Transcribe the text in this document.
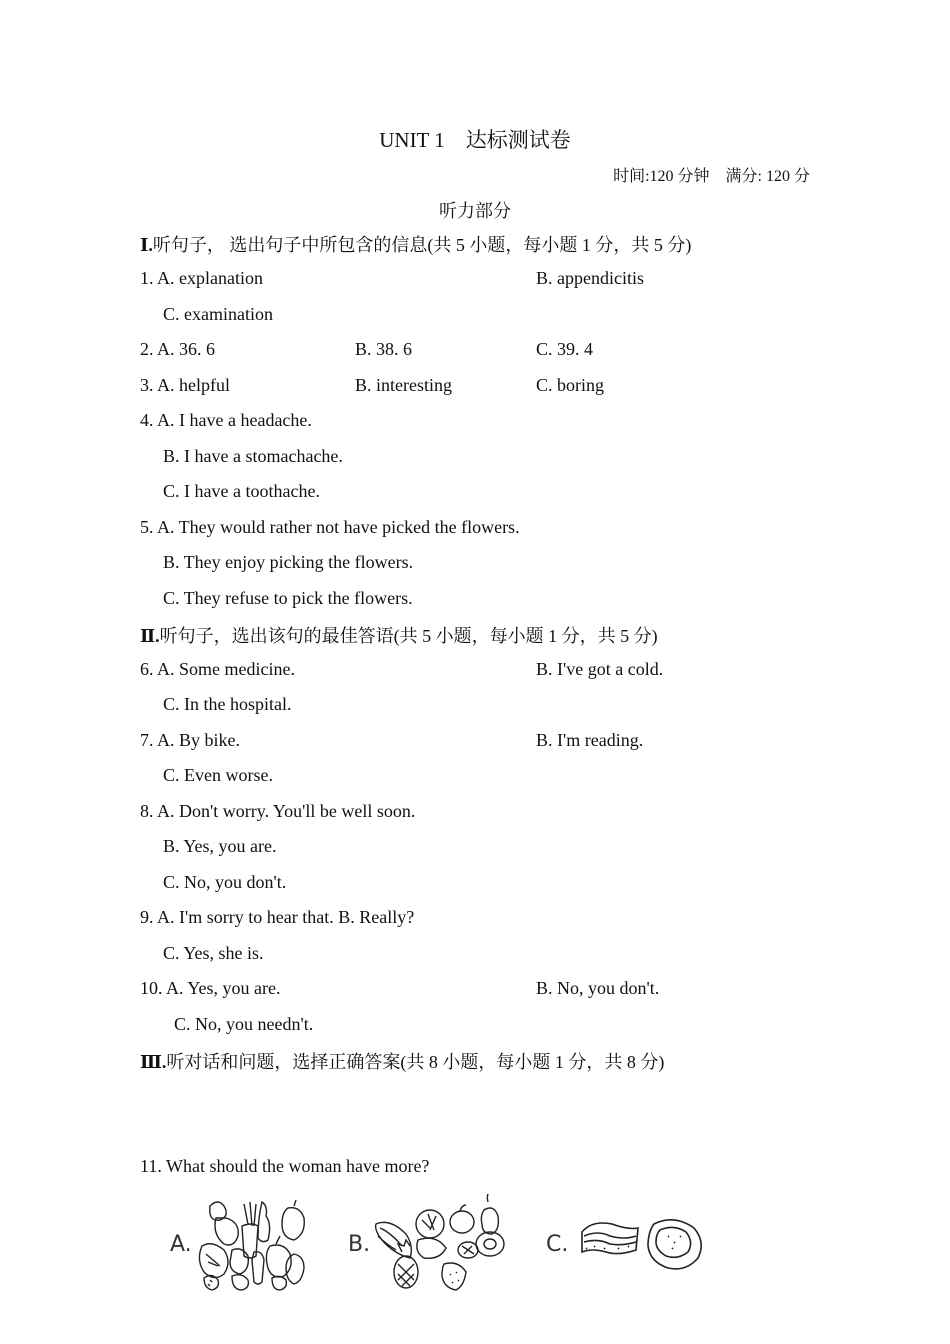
UNIT 1　达标测试卷
时间:120 分钟　满分: 120 分
听力部分
Ⅰ.听句子， 选出句子中所包含的信息(共 5 小题，每小题 1 分，共 5 分)
1. A. explanation	B. appendicitis
C. examination
2. A. 36. 6	B. 38. 6	C. 39. 4
3. A. helpful	B. interesting	C. boring
4. A. I have a headache.
B. I have a stomachache.
C. I have a toothache.
5. A. They would rather not have picked the flowers.
B. They enjoy picking the flowers.
C. They refuse to pick the flowers.
Ⅱ.听句子，选出该句的最佳答语(共 5 小题，每小题 1 分，共 5 分)
6. A. Some medicine.	B. I've got a cold.
C. In the hospital.
7. A. By bike.	B. I'm reading.
C. Even worse.
8. A. Don't worry. You'll be well soon.
B. Yes, you are.
C. No, you don't.
9. A. I'm sorry to hear that. B. Really?
C. Yes, she is.
10. A. Yes, you are.	B. No, you don't.
C. No, you needn't.
Ⅲ.听对话和问题，选择正确答案(共 8 小题，每小题 1 分，共 8 分)
11. What should the woman have more?
A.	B.	C.
